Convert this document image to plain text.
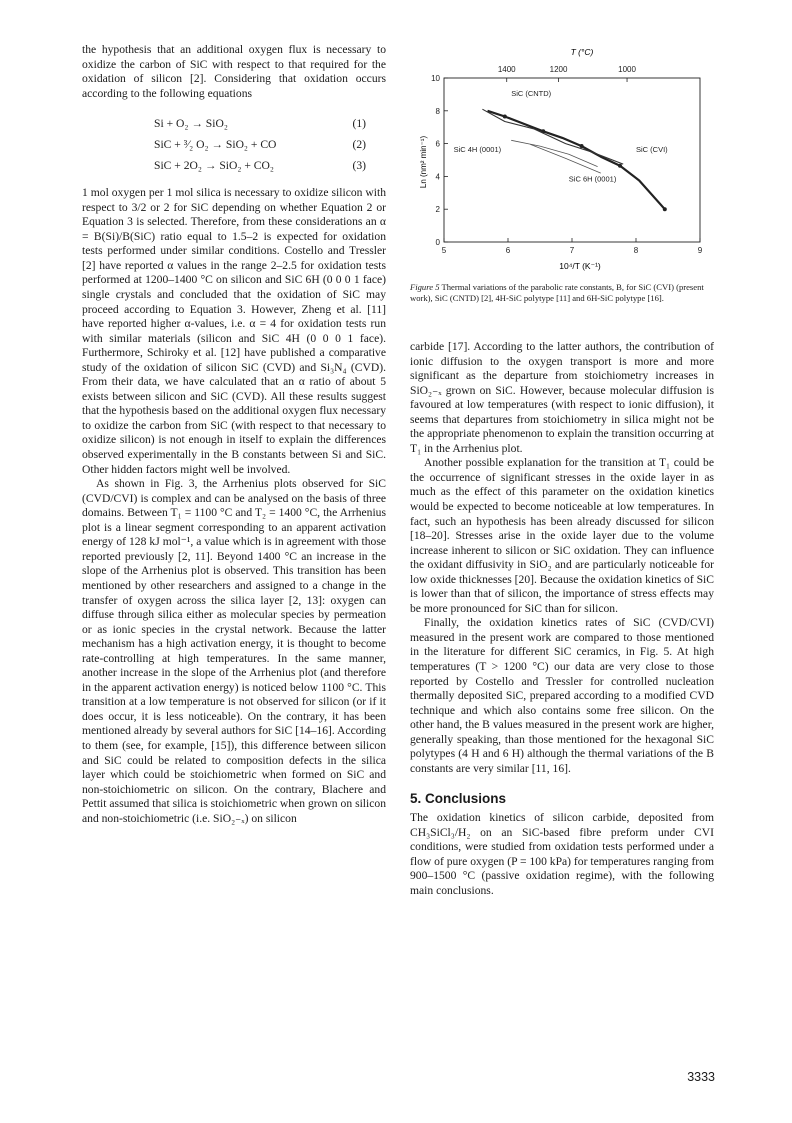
the hypothesis that an additional oxygen flux is necessary to oxidize the carbon of SiC with respect to that required for the oxidation of silicon [2]. Considering that oxidation occurs according to the following equations

Si + O₂ → SiO₂	(1)
SiC + ³⁄₂ O₂ → SiO₂ + CO	(2)
SiC + 2O₂ → SiO₂ + CO₂	(3)

1 mol oxygen per 1 mol silica is necessary to oxidize silicon with respect to 3/2 or 2 for SiC depending on whether Equation 2 or Equation 3 is selected. Therefore, from these considerations an α = B(Si)/B(SiC) ratio equal to 1.5–2 is expected for oxidation tests performed under similar conditions. Costello and Tressler [2] have reported α values in the range 2–2.5 for oxidation tests performed at 1200–1400 °C on silicon and SiC 6H (0 0 0 1 face) single crystals and concluded that the oxidation of SiC may proceed according to Equation 3. However, Zheng et al. [11] have reported higher α-values, i.e. α = 4 for oxidation tests run with similar materials (silicon and SiC 4H (0 0 0 1 face). Furthermore, Schiroky et al. [12] have published a comparative study of the oxidation of silicon SiC (CVD) and Si₃N₄ (CVD). From their data, we have calculated that an α ratio of about 5 exists between silicon and SiC (CVD). All these results suggest that the hypothesis based on the additional oxygen flux necessary to oxidize the carbon from SiC (with respect to that necessary to oxidize silicon) is not enough in itself to explain the differences observed experimentally in the B constants between Si and SiC. Other hidden factors might well be involved.

As shown in Fig. 3, the Arrhenius plots observed for SiC (CVD/CVI) is complex and can be analysed on the basis of three domains. Between T₁ = 1100 °C and T₂ = 1400 °C, the Arrhenius plot is a linear segment corresponding to an apparent activation energy of 128 kJ mol⁻¹, a value which is in agreement with those reported previously [2, 11]. Beyond 1400 °C an increase in the slope of the Arrhenius plot is observed. This transition has been mentioned by other researchers and assigned to a change in the transfer of oxygen across the silica layer [2, 13]: oxygen can diffuse through silica either as molecular species by permeation or as ionic species in the crystal network. Because the latter mechanism has a high activation energy, it is thought to become rate-controlling at high temperatures. In the same manner, another increase in the slope of the Arrhenius plot (and therefore in the apparent activation energy) is noticed below 1100 °C. This transition at a low temperature is not observed for silicon (or if it does occur, it is less noticeable). On the contrary, it has been mentioned already by several authors for SiC [14–16]. According to them (see, for example, [15]), this difference between silicon and SiC could be related to composition defects in the silica layer which could be stoichiometric when formed on SiC and non-stoichiometric on silicon. On the contrary, Blachere and Pettit assumed that silica is stoichiometric when grown on silicon and non-stoichiometric (i.e. SiO₂₋ₓ) on silicon

5	6	7	8	9
0
2
4
6
8
10
1400	1200	1000
SiC (CNTD)
SiC 4H (0001)	SiC (CVI)
SiC 6H (0001)
10⁴/T (K⁻¹)
T (°C)
Ln (nm² min⁻¹)
Figure 5 Thermal variations of the parabolic rate constants, B, for SiC (CVI) (present work), SiC (CNTD) [2], 4H-SiC polytype [11] and 6H-SiC polytype [16].

carbide [17]. According to the latter authors, the contribution of ionic diffusion to the oxygen transport is more and more significant as the departure from stoichiometry increases in SiO₂₋ₓ grown on SiC. However, because molecular diffusion is favoured at low temperatures (with respect to ionic diffusion), it seems that departures from stoichiometry in silica might not be the appropriate phenomenon to explain the transition occurring at T₁ in the Arrhenius plot.

Another possible explanation for the transition at T₁ could be the occurrence of significant stresses in the oxide layer in as much as the effect of this parameter on the oxidation kinetics would be expected to become noticeable at low temperatures. In fact, such an hypothesis has been already discussed for silicon [18–20]. Stresses arise in the oxide layer due to the volume increase inherent to silicon or SiC oxidation. They can influence the oxidant diffusivity in SiO₂ and are particularly noticeable for low oxide thicknesses [20]. Because the oxidation kinetics of SiC is lower than that of silicon, the importance of stress effects may be more pronounced for SiC than for silicon.

Finally, the oxidation kinetics rates of SiC (CVD/CVI) measured in the present work are compared to those mentioned in the literature for different SiC ceramics, in Fig. 5. At high temperatures (T > 1200 °C) our data are very close to those reported by Costello and Tressler for controlled nucleation thermally deposited SiC, prepared according to a modified CVD technique and which also contains some free silicon. On the other hand, the B values measured in the present work are higher, generally speaking, than those mentioned for the hexagonal SiC polytypes (4 H and 6 H) although the thermal variations of the B constants are very similar [11, 16].

5. Conclusions

The oxidation kinetics of silicon carbide, deposited from CH₃SiCl₃/H₂ on an SiC-based fibre preform under CVI conditions, were studied from oxidation tests performed under a flow of pure oxygen (P = 100 kPa) for temperatures ranging from 900–1500 °C (passive oxidation regime), with the following main conclusions.

3333
